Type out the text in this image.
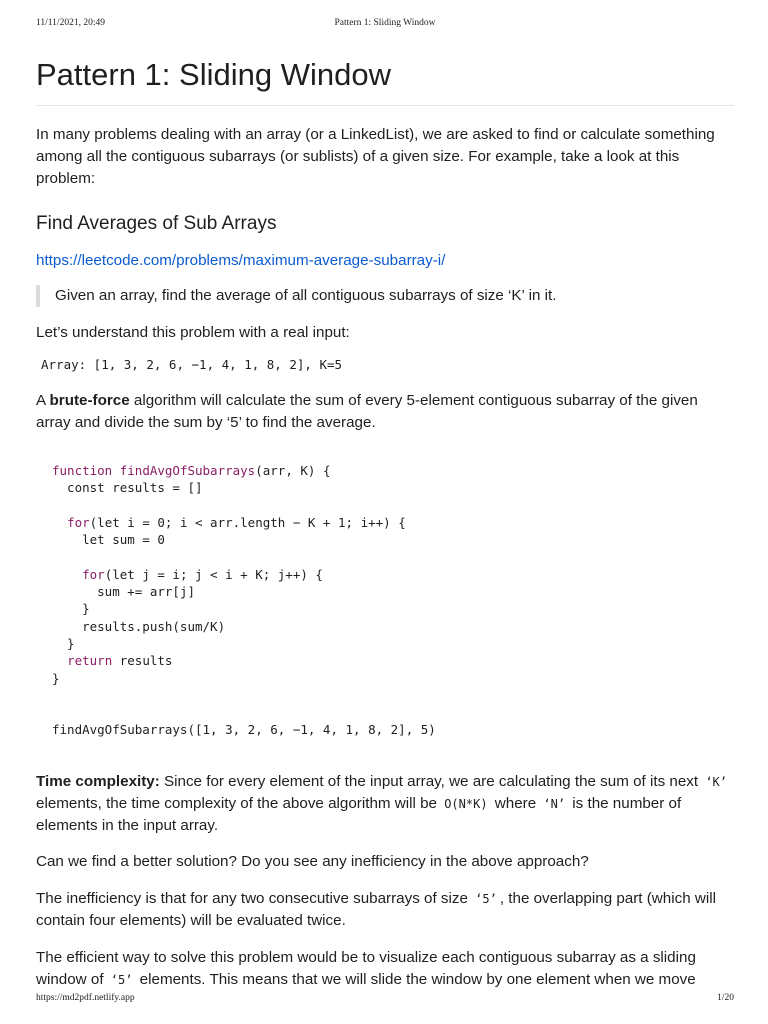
11/11/2021, 20:49	Pattern 1: Sliding Window
Pattern 1: Sliding Window

In many problems dealing with an array (or a LinkedList), we are asked to find or calculate something among all the contiguous subarrays (or sublists) of a given size. For example, take a look at this problem:

Find Averages of Sub Arrays
https://leetcode.com/problems/maximum-average-subarray-i/
Given an array, find the average of all contiguous subarrays of size ‘K’ in it.

Let’s understand this problem with a real input:

Array: [1, 3, 2, 6, −1, 4, 1, 8, 2], K=5

A brute-force algorithm will calculate the sum of every 5-element contiguous subarray of the given array and divide the sum by ‘5’ to find the average.

function findAvgOfSubarrays(arr, K) {
const results = []

for(let i = 0; i < arr.length − K + 1; i++) {
let sum = 0

for(let j = i; j < i + K; j++) {
sum += arr[j]
}
results.push(sum/K)
}
return results
}

findAvgOfSubarrays([1, 3, 2, 6, −1, 4, 1, 8, 2], 5)

Time complexity: Since for every element of the input array, we are calculating the sum of its next ‘K’ elements, the time complexity of the above algorithm will be O(N*K) where ‘N’ is the number of elements in the input array.

Can we find a better solution? Do you see any inefficiency in the above approach?

The inefficiency is that for any two consecutive subarrays of size ‘5’ , the overlapping part (which will contain four elements) will be evaluated twice.

The efficient way to solve this problem would be to visualize each contiguous subarray as a sliding window of ‘5’ elements. This means that we will slide the window by one element when we move

https://md2pdf.netlify.app	1/20
